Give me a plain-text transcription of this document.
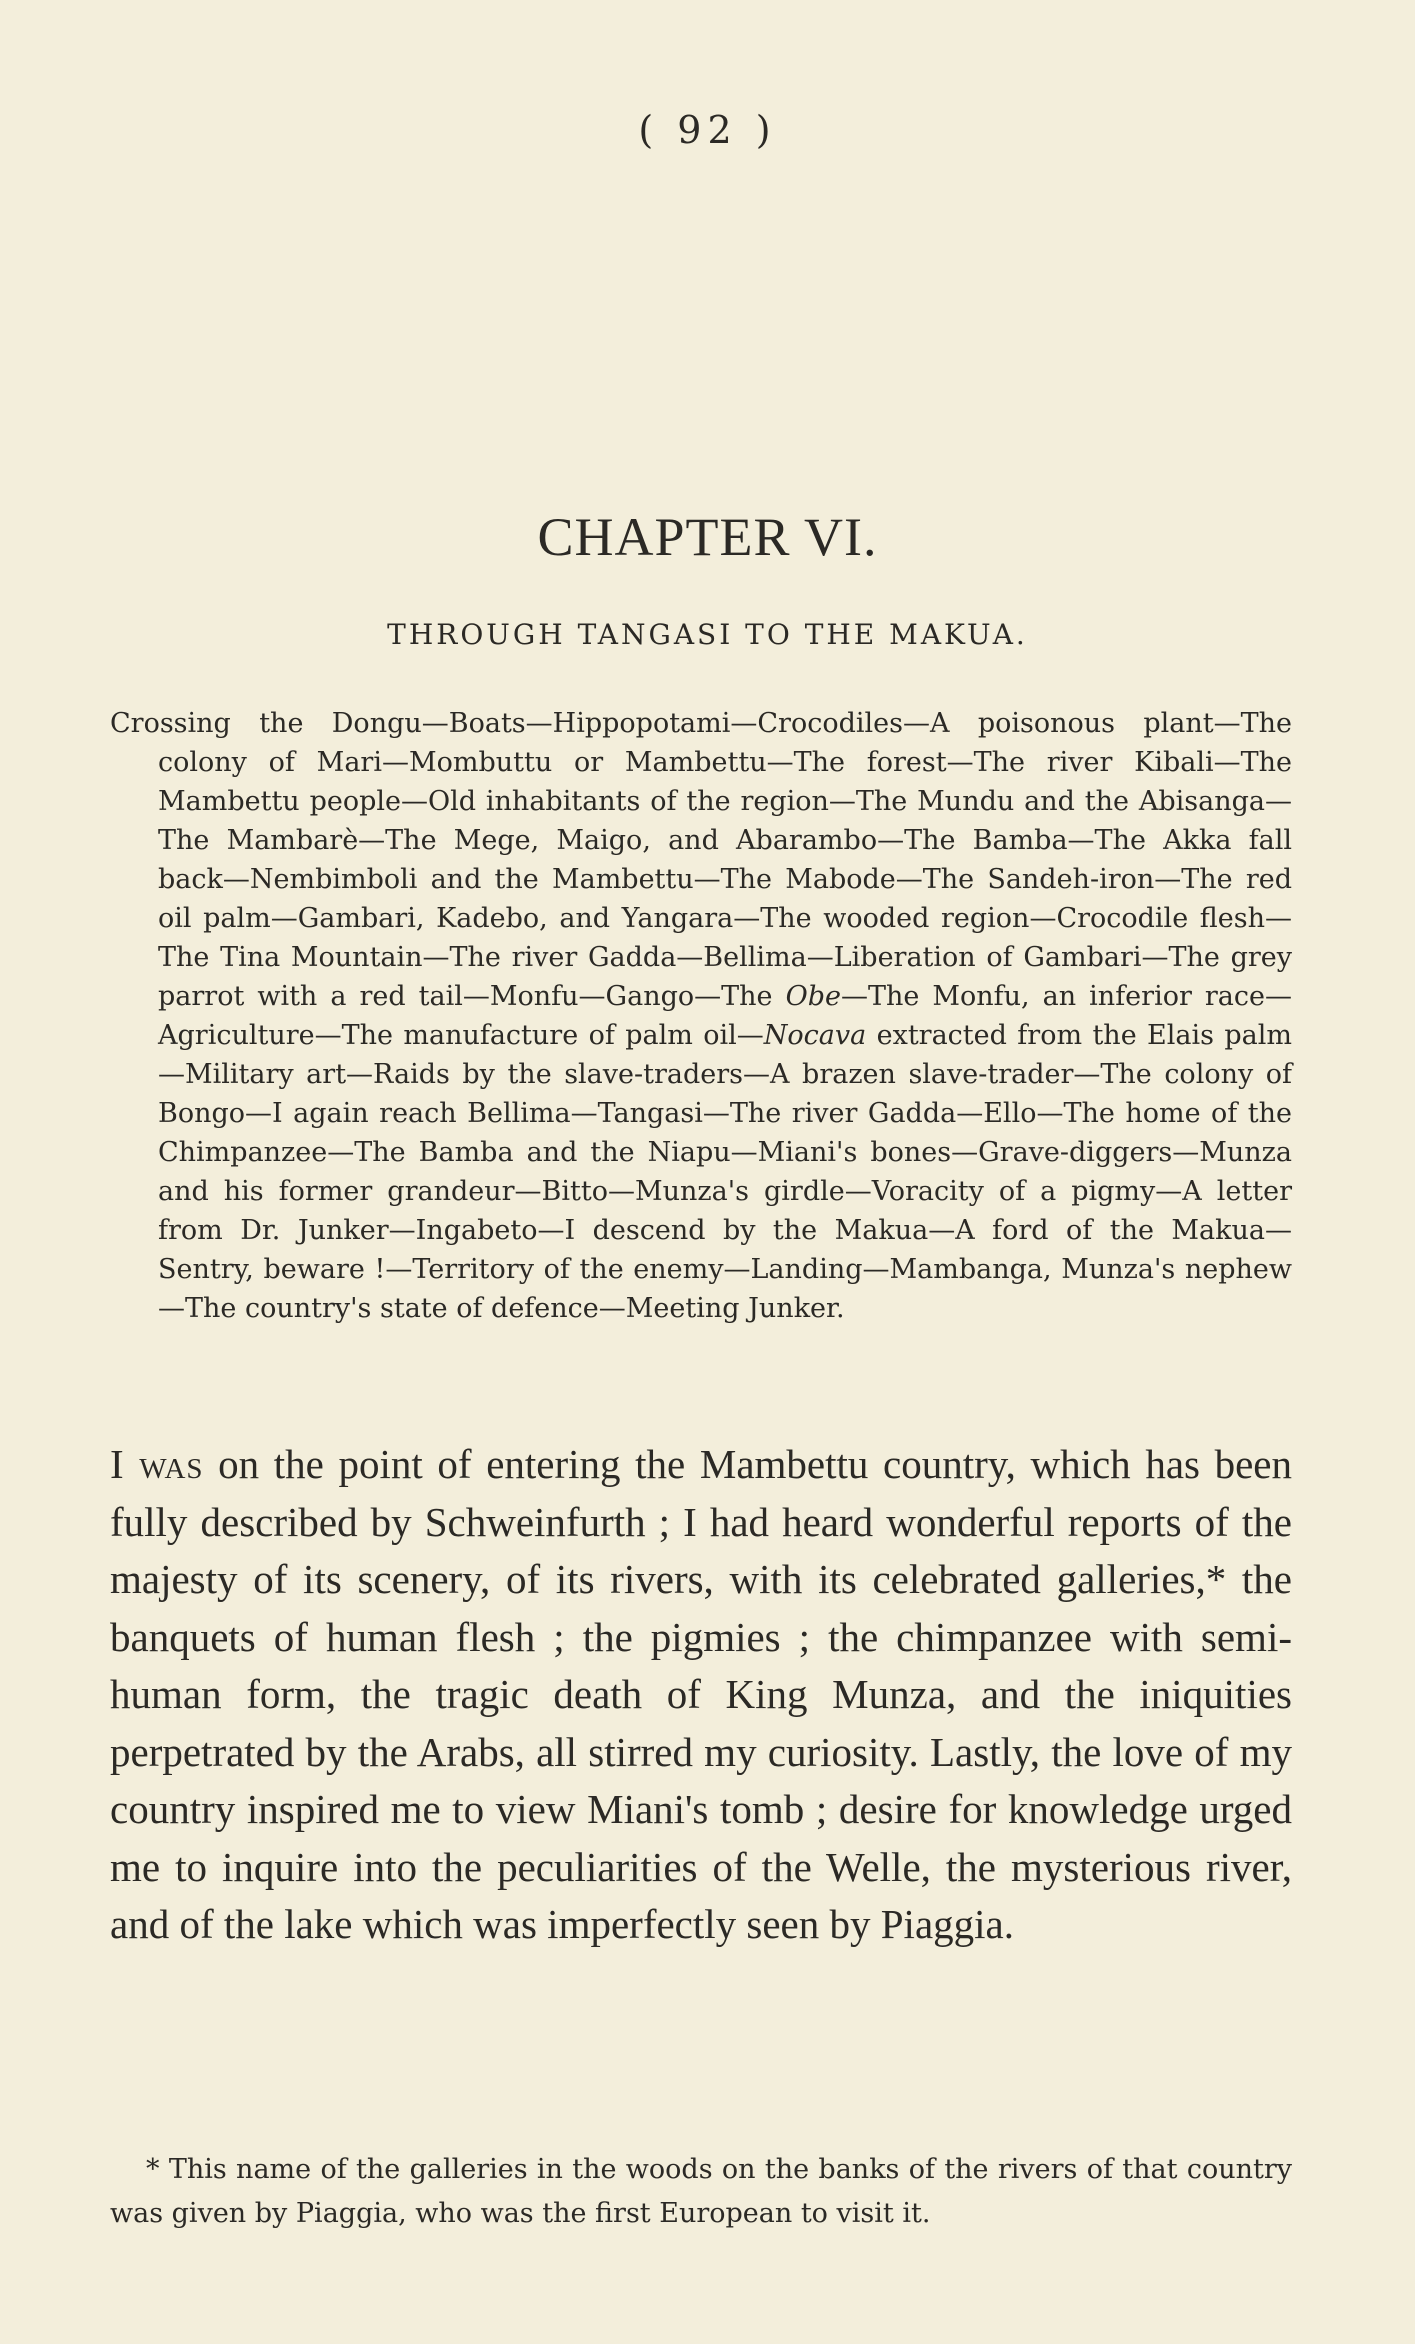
( 92 )
CHAPTER VI.
THROUGH TANGASI TO THE MAKUA.
Crossing the Dongu—Boats—Hippopotami—Crocodiles—A poisonous plant—The colony of Mari—Mombuttu or Mambettu—The forest—The river Kibali—The Mambettu people—Old inhabitants of the region—The Mundu and the Abisanga—The Mambarè—The Mege, Maigo, and Abarambo—The Bamba—The Akka fall back—Nembimboli and the Mambettu—The Mabode—The Sandeh-iron—The red oil palm—Gambari, Kadebo, and Yangara—The wooded region—Crocodile flesh—The Tina Mountain—The river Gadda—Bellima—Liberation of Gambari—The grey parrot with a red tail—Monfu—Gango—The Obe—The Monfu, an inferior race—Agriculture—The manufacture of palm oil—Nocava extracted from the Elais palm—Military art—Raids by the slave-traders—A brazen slave-trader—The colony of Bongo—I again reach Bellima—Tangasi—The river Gadda—Ello—The home of the Chimpanzee—The Bamba and the Niapu—Miani's bones—Grave-diggers—Munza and his former grandeur—Bitto—Munza's girdle—Voracity of a pigmy—A letter from Dr. Junker—Ingabeto—I descend by the Makua—A ford of the Makua—Sentry, beware !—Territory of the enemy—Landing—Mambanga, Munza's nephew—The country's state of defence—Meeting Junker.
I was on the point of entering the Mambettu country, which has been fully described by Schweinfurth ; I had heard wonderful reports of the majesty of its scenery, of its rivers, with its celebrated galleries,* the banquets of human flesh ; the pigmies ; the chimpanzee with semi-human form, the tragic death of King Munza, and the iniquities perpetrated by the Arabs, all stirred my curiosity. Lastly, the love of my country inspired me to view Miani's tomb ; desire for knowledge urged me to inquire into the peculiarities of the Welle, the mysterious river, and of the lake which was imperfectly seen by Piaggia.
* This name of the galleries in the woods on the banks of the rivers of that country was given by Piaggia, who was the first European to visit it.
